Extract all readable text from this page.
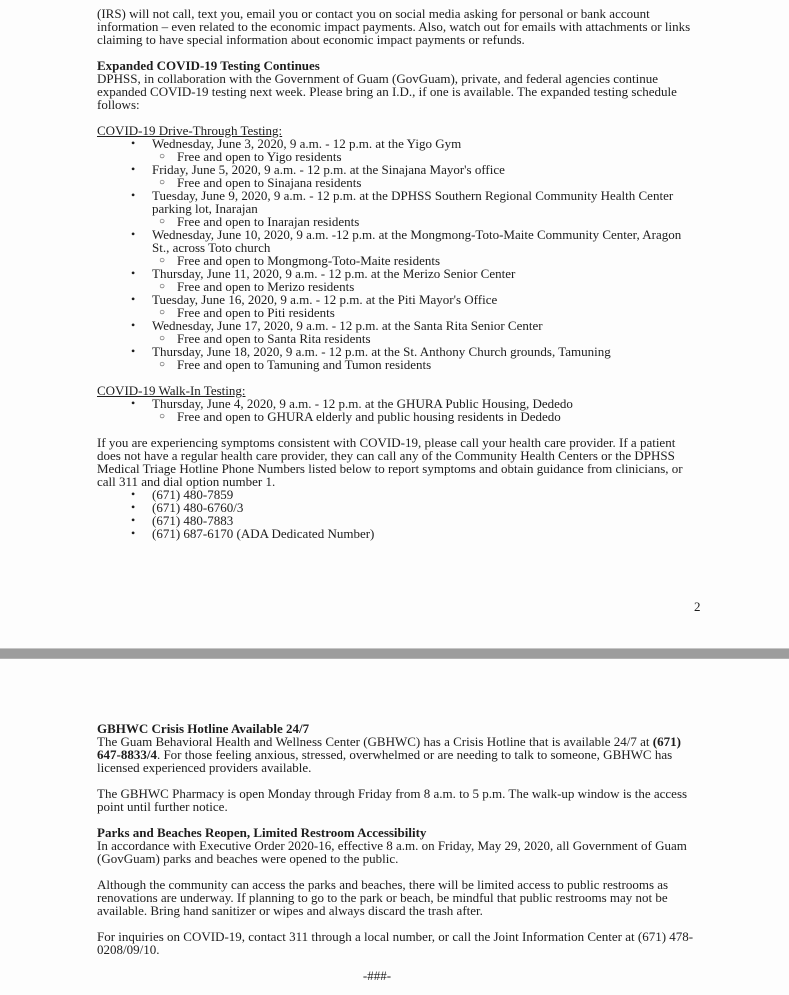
(IRS) will not call, text you, email you or contact you on social media asking for personal or bank account information – even related to the economic impact payments. Also, watch out for emails with attachments or links claiming to have special information about economic impact payments or refunds.

Expanded COVID-19 Testing Continues

DPHSS, in collaboration with the Government of Guam (GovGuam), private, and federal agencies continue expanded COVID-19 testing next week. Please bring an I.D., if one is available. The expanded testing schedule follows:

COVID-19 Drive-Through Testing:

• Wednesday, June 3, 2020, 9 a.m. - 12 p.m. at the Yigo Gym
○ Free and open to Yigo residents
• Friday, June 5, 2020, 9 a.m. - 12 p.m. at the Sinajana Mayor's office
○ Free and open to Sinajana residents
• Tuesday, June 9, 2020, 9 a.m. - 12 p.m. at the DPHSS Southern Regional Community Health Center parking lot, Inarajan
○ Free and open to Inarajan residents
• Wednesday, June 10, 2020, 9 a.m. -12 p.m. at the Mongmong-Toto-Maite Community Center, Aragon St., across Toto church
○ Free and open to Mongmong-Toto-Maite residents
• Thursday, June 11, 2020, 9 a.m. - 12 p.m. at the Merizo Senior Center
○ Free and open to Merizo residents
• Tuesday, June 16, 2020, 9 a.m. - 12 p.m. at the Piti Mayor's Office
○ Free and open to Piti residents
• Wednesday, June 17, 2020, 9 a.m. - 12 p.m. at the Santa Rita Senior Center
○ Free and open to Santa Rita residents
• Thursday, June 18, 2020, 9 a.m. - 12 p.m. at the St. Anthony Church grounds, Tamuning
○ Free and open to Tamuning and Tumon residents

COVID-19 Walk-In Testing:

• Thursday, June 4, 2020, 9 a.m. - 12 p.m. at the GHURA Public Housing, Dededo
○ Free and open to GHURA elderly and public housing residents in Dededo

If you are experiencing symptoms consistent with COVID-19, please call your health care provider. If a patient does not have a regular health care provider, they can call any of the Community Health Centers or the DPHSS Medical Triage Hotline Phone Numbers listed below to report symptoms and obtain guidance from clinicians, or call 311 and dial option number 1.

• (671) 480-7859
• (671) 480-6760/3
• (671) 480-7883
• (671) 687-6170 (ADA Dedicated Number)
2

GBHWC Crisis Hotline Available 24/7

The Guam Behavioral Health and Wellness Center (GBHWC) has a Crisis Hotline that is available 24/7 at (671) 647-8833/4. For those feeling anxious, stressed, overwhelmed or are needing to talk to someone, GBHWC has licensed experienced providers available.

The GBHWC Pharmacy is open Monday through Friday from 8 a.m. to 5 p.m. The walk-up window is the access point until further notice.

Parks and Beaches Reopen, Limited Restroom Accessibility

In accordance with Executive Order 2020-16, effective 8 a.m. on Friday, May 29, 2020, all Government of Guam (GovGuam) parks and beaches were opened to the public.

Although the community can access the parks and beaches, there will be limited access to public restrooms as renovations are underway. If planning to go to the park or beach, be mindful that public restrooms may not be available. Bring hand sanitizer or wipes and always discard the trash after.

For inquiries on COVID-19, contact 311 through a local number, or call the Joint Information Center at (671) 478-0208/09/10.

-###-
